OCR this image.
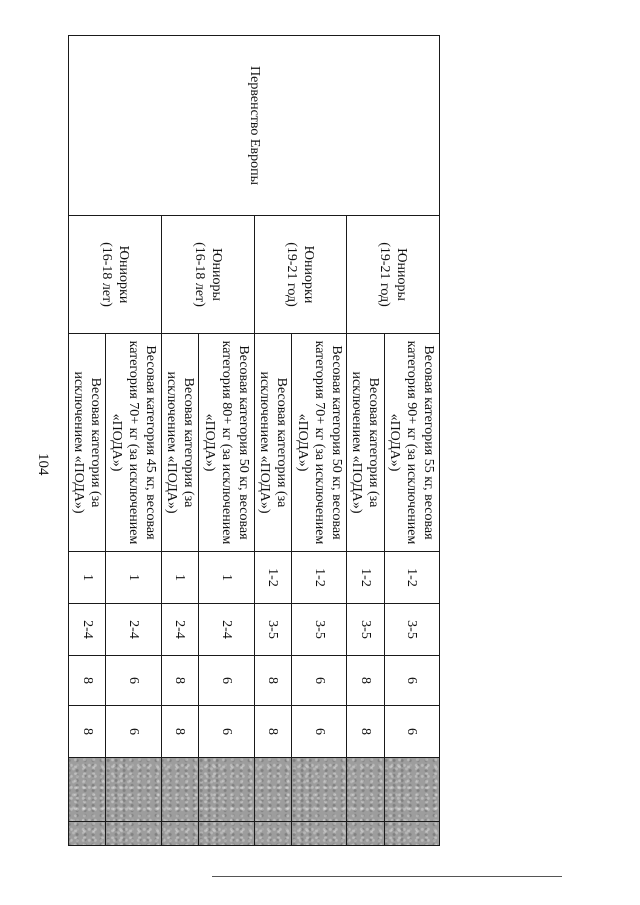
104
Первенство Европы	Юниоры
(19-21 год)	Весовая категория 55 кг, весовая категория 90+ кг (за исключением «ПОДА»)	1-2	3-5	6	6		
		Весовая категория (за исключением «ПОДА»)	1-2	3-5	8	8		
	Юниорки
(19-21 год)	Весовая категория 50 кг, весовая категория 70+ кг (за исключением «ПОДА»)	1-2	3-5	6	6		
		Весовая категория (за исключением «ПОДА»)	1-2	3-5	8	8		
	Юниоры
(16-18 лет)	Весовая категория 50 кг, весовая категория 80+ кг (за исключением «ПОДА»)	1	2-4	6	6		
		Весовая категория (за исключением «ПОДА»)	1	2-4	8	8		
	Юниорки
(16-18 лет)	Весовая категория 45 кг, весовая категория 70+ кг (за исключением «ПОДА»)	1	2-4	6	6		
		Весовая категория (за исключением «ПОДА»)	1	2-4	8	8		
